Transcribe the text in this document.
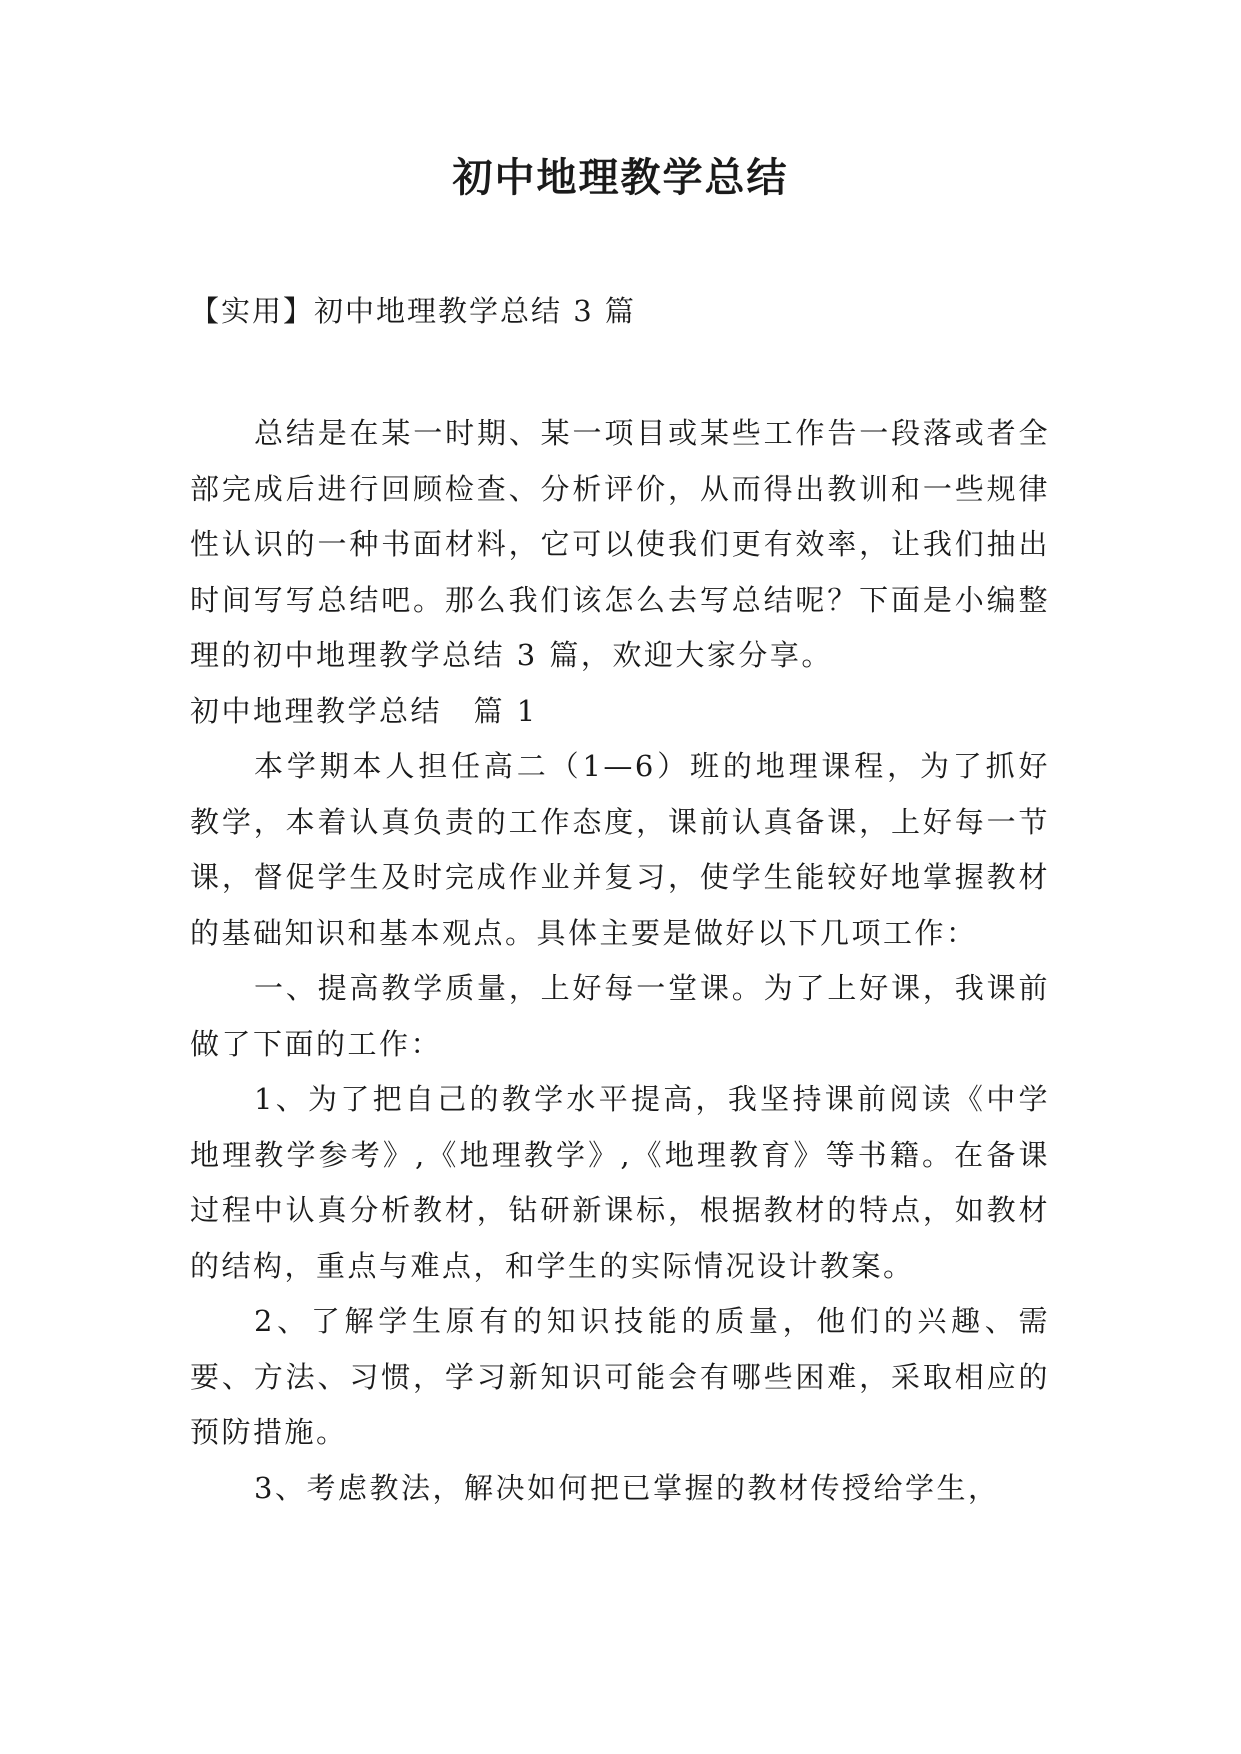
初中地理教学总结

【实用】初中地理教学总结 3 篇

总结是在某一时期、某一项目或某些工作告一段落或者全部完成后进行回顾检查、分析评价，从而得出教训和一些规律性认识的一种书面材料，它可以使我们更有效率，让我们抽出时间写写总结吧。那么我们该怎么去写总结呢？下面是小编整理的初中地理教学总结 3 篇，欢迎大家分享。

初中地理教学总结　篇 1

本学期本人担任高二（1—6）班的地理课程，为了抓好教学，本着认真负责的工作态度，课前认真备课，上好每一节课，督促学生及时完成作业并复习，使学生能较好地掌握教材的基础知识和基本观点。具体主要是做好以下几项工作：

一、提高教学质量，上好每一堂课。为了上好课，我课前做了下面的工作：

1、为了把自己的教学水平提高，我坚持课前阅读《中学地理教学参考》,《地理教学》,《地理教育》等书籍。在备课过程中认真分析教材，钻研新课标，根据教材的特点，如教材的结构，重点与难点，和学生的实际情况设计教案。

2、了解学生原有的知识技能的质量，他们的兴趣、需要、方法、习惯，学习新知识可能会有哪些困难，采取相应的预防措施。

3、考虑教法，解决如何把已掌握的教材传授给学生，
